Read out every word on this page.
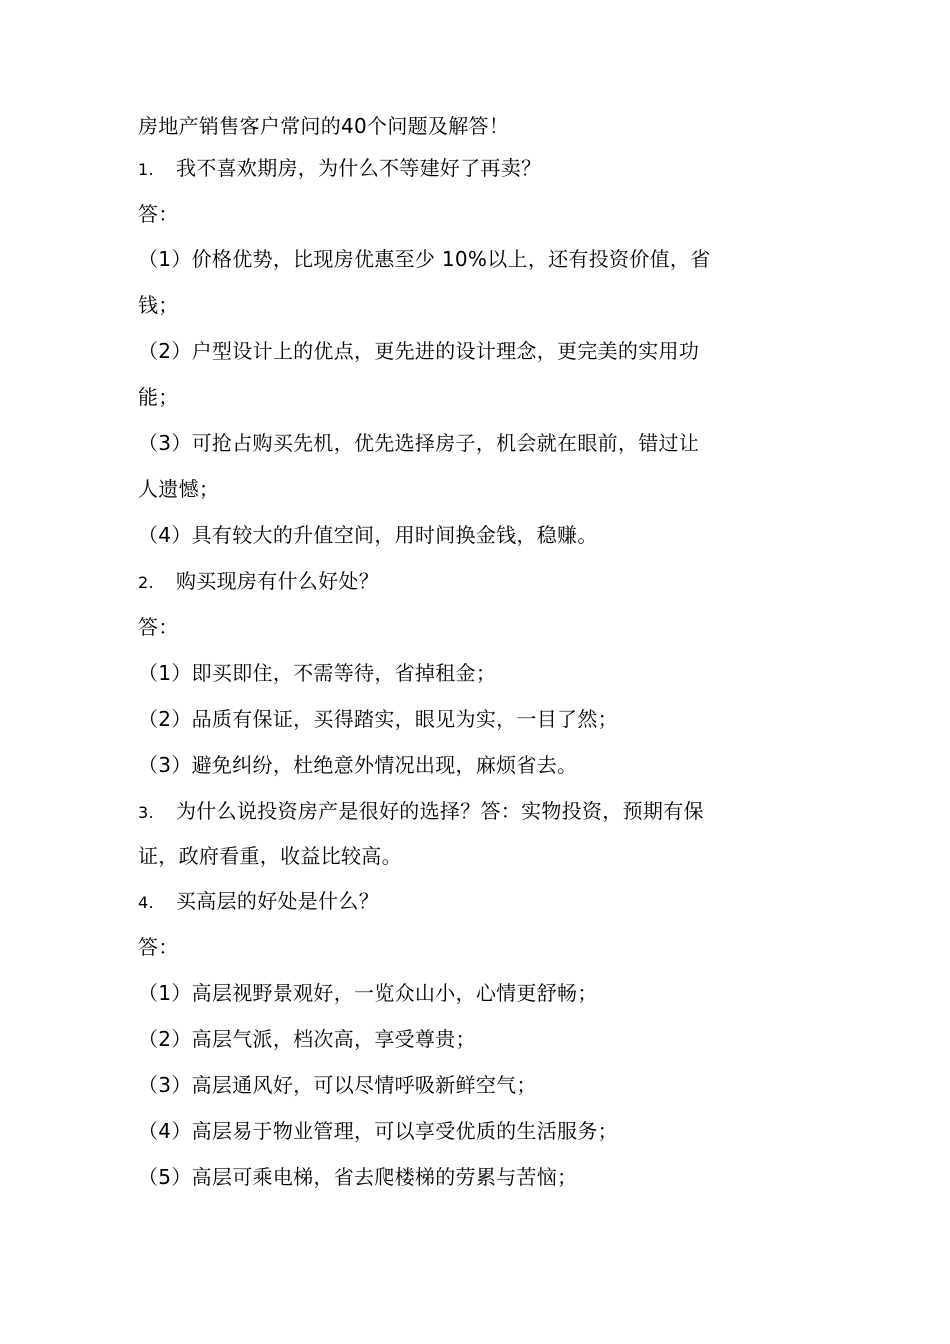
房地产销售客户常问的40个问题及解答！
1. 我不喜欢期房，为什么不等建好了再卖？
答：
（1）价格优势，比现房优惠至少 10%以上，还有投资价值，省
钱；
（2）户型设计上的优点，更先进的设计理念，更完美的实用功
能；
（3）可抢占购买先机，优先选择房子，机会就在眼前，错过让
人遗憾；
（4）具有较大的升值空间，用时间换金钱，稳赚。
2. 购买现房有什么好处？
答：
（1）即买即住，不需等待，省掉租金；
（2）品质有保证，买得踏实，眼见为实，一目了然；
（3）避免纠纷，杜绝意外情况出现，麻烦省去。
3. 为什么说投资房产是很好的选择？答：实物投资，预期有保
证，政府看重，收益比较高。
4. 买高层的好处是什么？
答：
（1）高层视野景观好，一览众山小，心情更舒畅；
（2）高层气派，档次高，享受尊贵；
（3）高层通风好，可以尽情呼吸新鲜空气；
（4）高层易于物业管理，可以享受优质的生活服务；
（5）高层可乘电梯，省去爬楼梯的劳累与苦恼；
